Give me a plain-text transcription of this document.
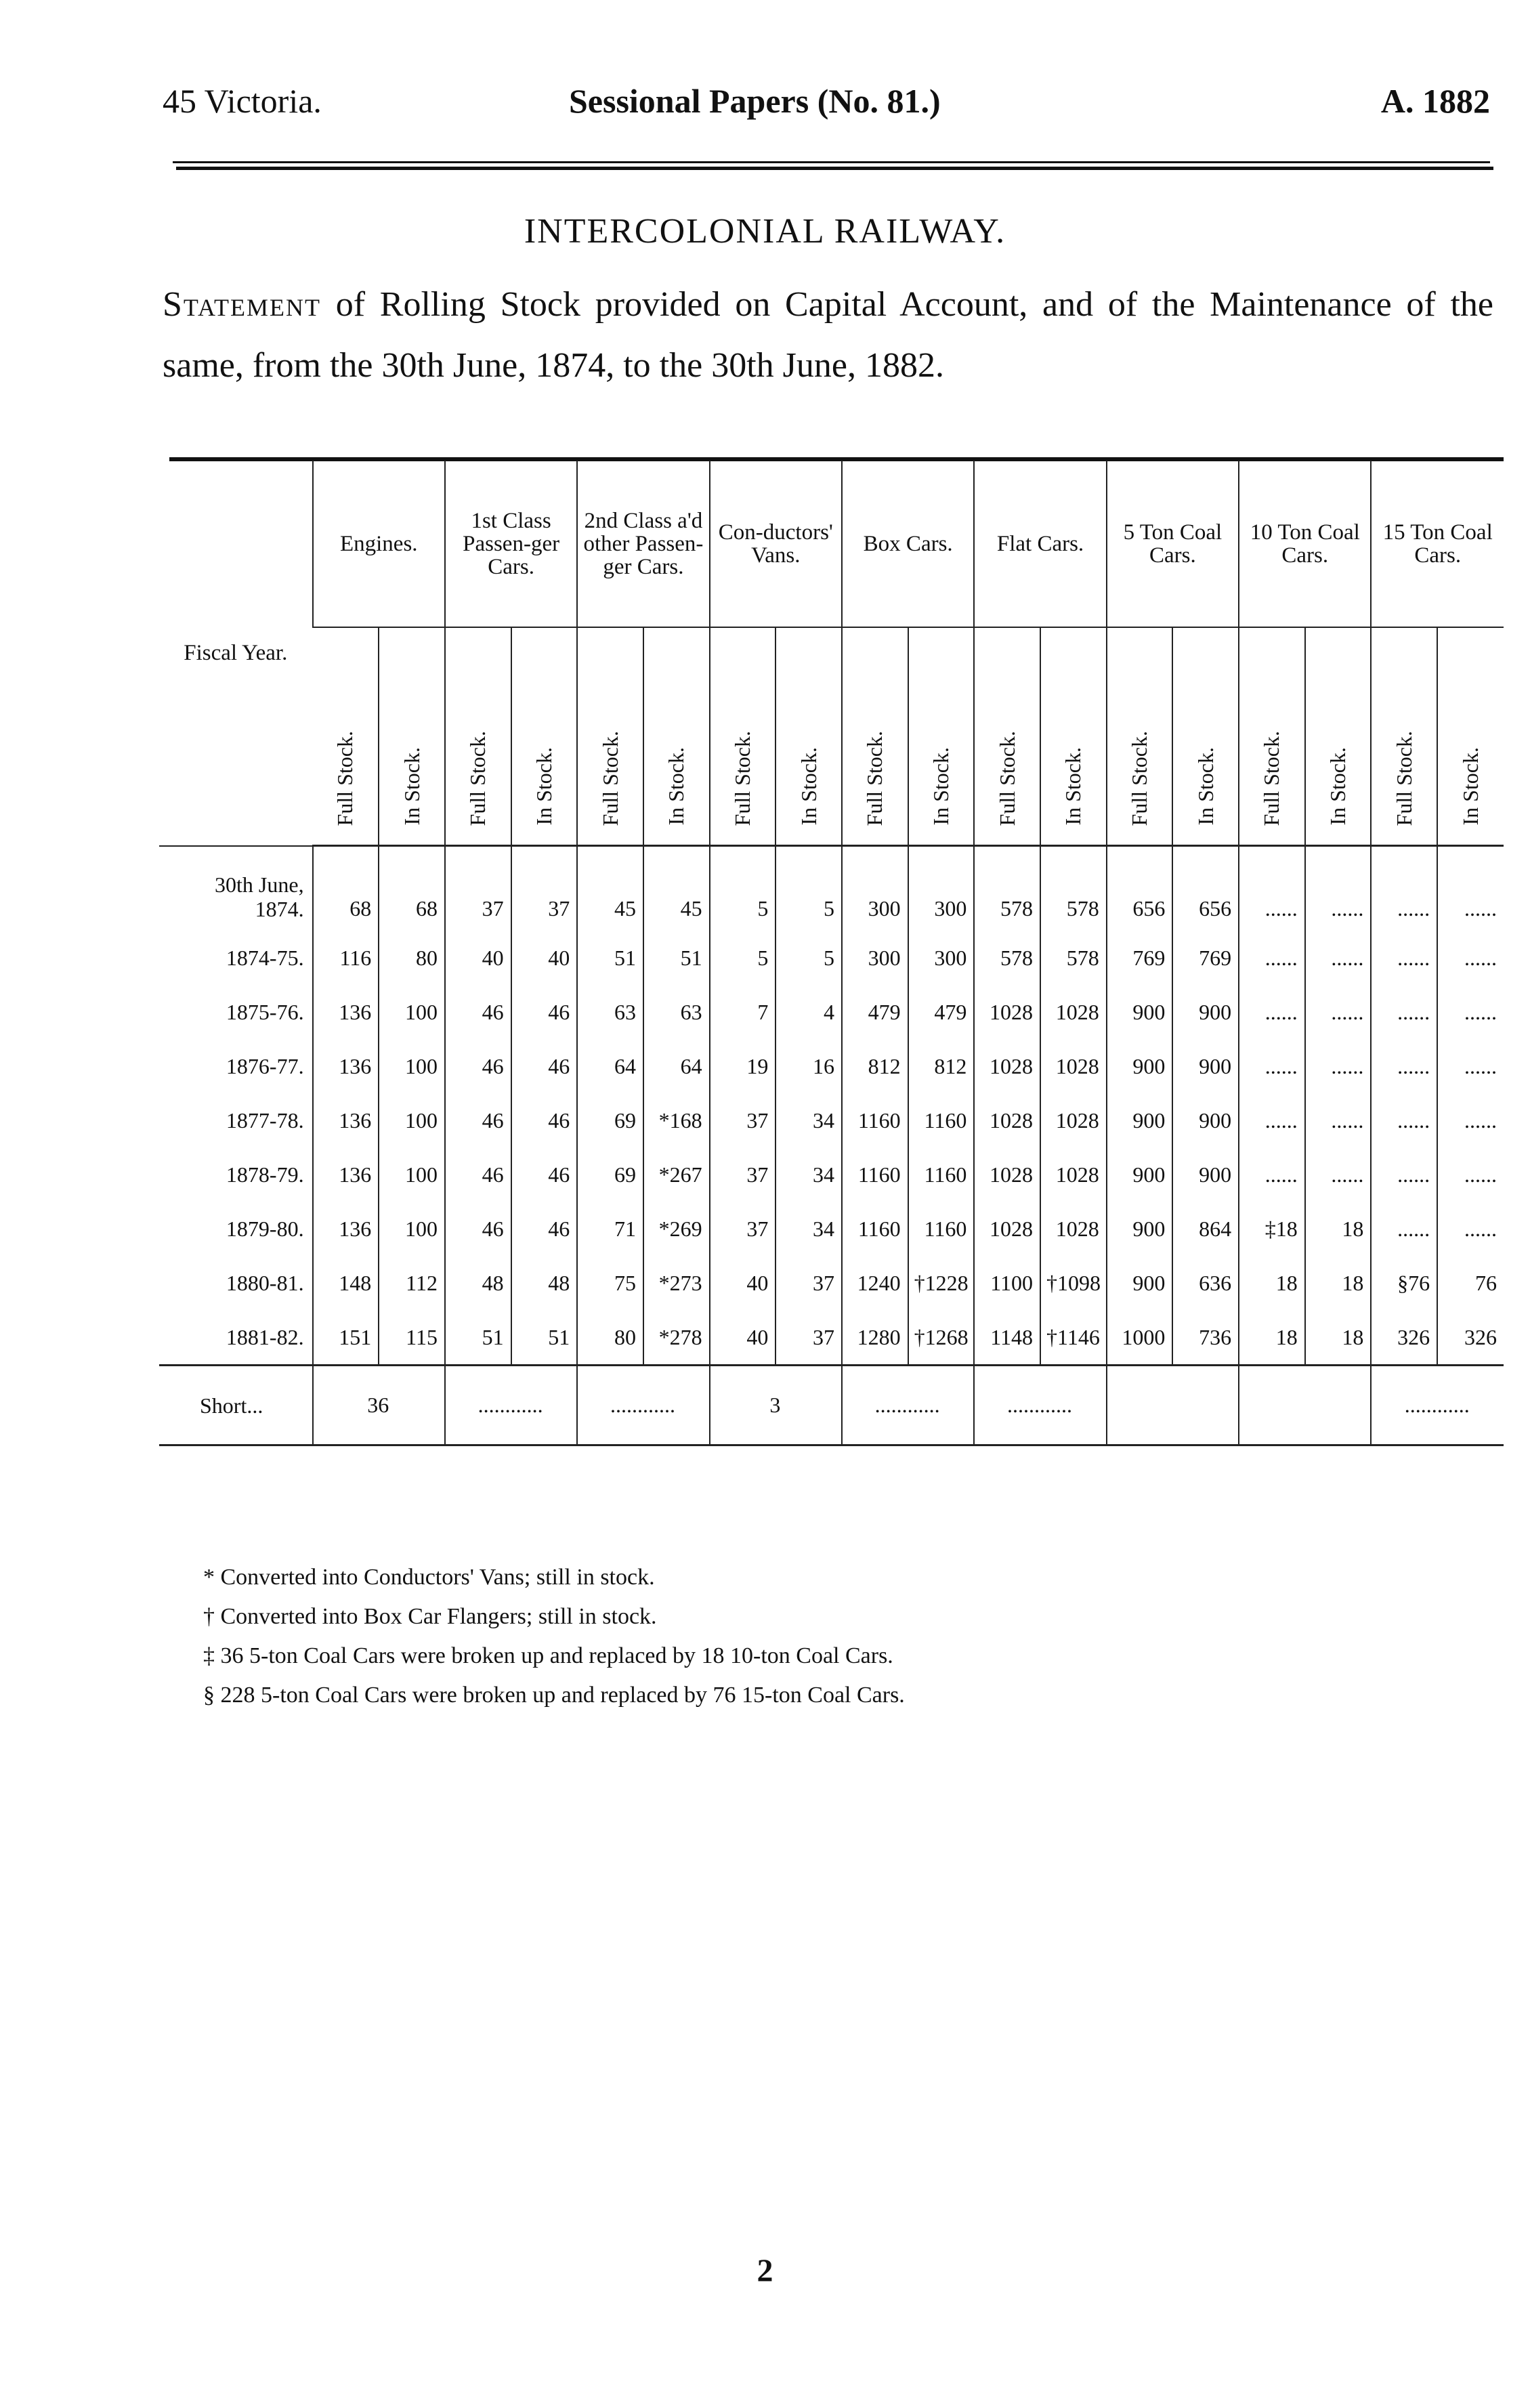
45 Victoria.	Sessional Papers (No. 81.)	A. 1882
INTERCOLONIAL RAILWAY.
Statement of Rolling Stock provided on Capital Account, and of the Maintenance of the same, from the 30th June, 1874, to the 30th June, 1882.
Fiscal Year.	Engines.		1st Class Passen-ger Cars.		2nd Class a'd other Passen-ger Cars.		Con-ductors' Vans.		Box Cars.		Flat Cars.		5 Ton Coal Cars.		10 Ton Coal Cars.		15 Ton Coal Cars.	
	Full Stock.	In Stock.	Full Stock.	In Stock.	Full Stock.	In Stock.	Full Stock.	In Stock.	Full Stock.	In Stock.	Full Stock.	In Stock.	Full Stock.	In Stock.	Full Stock.	In Stock.	Full Stock.	In Stock.
30th June, 1874.	68	68	37	37	45	45	5	5	300	300	578	578	656	656	......	......	......	......
1874-75.	116	80	40	40	51	51	5	5	300	300	578	578	769	769	......	......	......	......
1875-76.	136	100	46	46	63	63	7	4	479	479	1028	1028	900	900	......	......	......	......
1876-77.	136	100	46	46	64	64	19	16	812	812	1028	1028	900	900	......	......	......	......
1877-78.	136	100	46	46	69	*168	37	34	1160	1160	1028	1028	900	900	......	......	......	......
1878-79.	136	100	46	46	69	*267	37	34	1160	1160	1028	1028	900	900	......	......	......	......
1879-80.	136	100	46	46	71	*269	37	34	1160	1160	1028	1028	900	864	‡18	18	......	......
1880-81.	148	112	48	48	75	*273	40	37	1240	†1228	1100	†1098	900	636	18	18	§76	76
1881-82.	151	115	51	51	80	*278	40	37	1280	†1268	1148	†1146	1000	736	18	18	326	326
Short...	36		............		............		3		............		............						............	
* Converted into Conductors' Vans; still in stock.
† Converted into Box Car Flangers; still in stock.
‡ 36 5-ton Coal Cars were broken up and replaced by 18 10-ton Coal Cars.
§ 228 5-ton Coal Cars were broken up and replaced by 76 15-ton Coal Cars.
2
